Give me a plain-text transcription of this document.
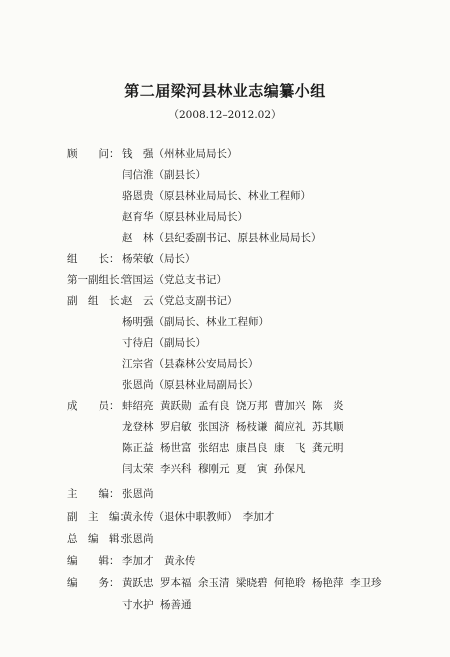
第二届梁河县林业志编纂小组
（2008.12–2012.02）
顾　　问： 钱　强（州林业局局长）
闫信淮（副县长）
骆恩贵（原县林业局局长、林业工程师）
赵育华（原县林业局局长）
赵　林（县纪委副书记、原县林业局局长）
组　　长： 杨荣敏（局长）
第一副组长：
管国运（党总支书记）
副　组　长：
赵　云（党总支副书记）
杨明强（副局长、林业工程师）
寸待启（副局长）
江宗省（县森林公安局局长）
张恩尚（原县林业局副局长）
成　　员： 蚌绍亮 黄跃勋 孟有良 饶万邦 曹加兴 陈　炎
龙登林 罗启敏 张国济 杨枝谦 蔺应礼 苏其顺
陈正益 杨世富 张绍忠 康昌良 康　飞 龚元明
闫太荣 李兴科 穆刚元 夏　寅 孙保凡
主　　编： 张恩尚
副　主　编：
黄永传（退休中职教师）　李加才
总　编　辑：
张恩尚
编　　辑： 李加才　黄永传
编　　务： 黄跃忠 罗本福 余玉清 梁晓碧 何艳聆 杨艳萍 李卫珍
寸水护 杨善通
